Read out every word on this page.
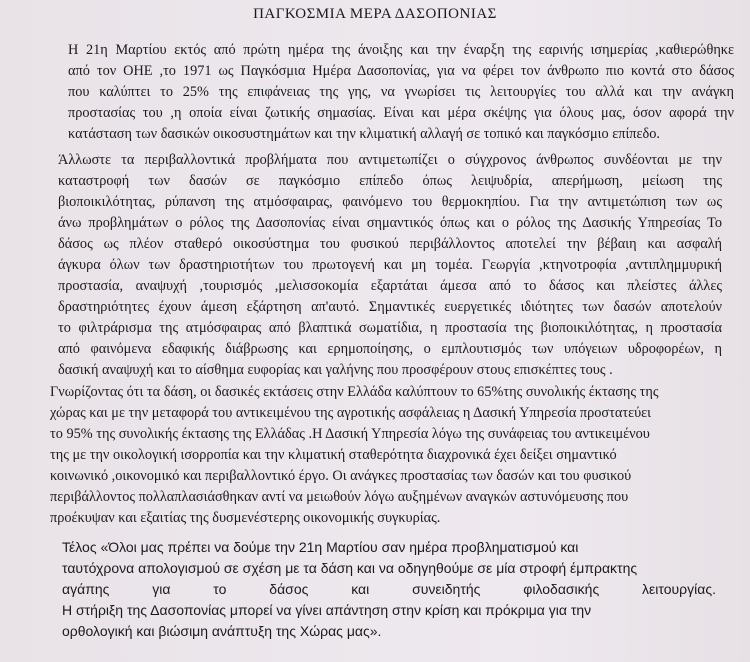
ΠΑΓΚΟΣΜΙΑ ΜΕΡΑ ΔΑΣΟΠΟΝΙΑΣ
Η 21η Μαρτίου εκτός από πρώτη ημέρα της άνοιξης και την έναρξη της εαρινής ισημερίας ,καθιερώθηκε
από τον ΟΗΕ ,το 1971 ως Παγκόσμια Ημέρα Δασοπονίας, για να φέρει τον άνθρωπο πιο κοντά στο δάσος
που καλύπτει το 25% της επιφάνειας της γης, να γνωρίσει τις λειτουργίες του αλλά και την ανάγκη
προστασίας του ,η οποία είναι ζωτικής σημασίας. Είναι και μέρα σκέψης για όλους μας, όσον αφορά την
κατάσταση των δασικών οικοσυστημάτων και την κλιματική αλλαγή σε τοπικό και παγκόσμιο επίπεδο.
Άλλωστε τα περιβαλλοντικά προβλήματα που αντιμετωπίζει ο σύγχρονος άνθρωπος συνδέονται με την
καταστροφή των δασών σε παγκόσμιο επίπεδο όπως λειψυδρία, απερήμωση, μείωση της
βιοποικιλότητας, ρύπανση της ατμόσφαιρας, φαινόμενο του θερμοκηπίου. Για την αντιμετώπιση των ως
άνω προβλημάτων ο ρόλος της Δασοπονίας είναι σημαντικός όπως και ο ρόλος της Δασικής Υπηρεσίας Το
δάσος ως πλέον σταθερό οικοσύστημα του φυσικού περιβάλλοντος αποτελεί την βέβαιη και ασφαλή
άγκυρα όλων των δραστηριοτήτων του πρωτογενή και μη τομέα. Γεωργία ,κτηνοτροφία ,αντιπλημμυρική
προστασία, αναψυχή ,τουρισμός ,μελισσοκομία εξαρτάται άμεσα από το δάσος και πλείστες άλλες
δραστηριότητες έχουν άμεση εξάρτηση απ'αυτό. Σημαντικές ευεργετικές ιδιότητες των δασών αποτελούν
το φιλτράρισμα της ατμόσφαιρας από βλαπτικά σωματίδια, η προστασία της βιοποικιλότητας, η προστασία
από φαινόμενα εδαφικής διάβρωσης και ερημοποίησης, ο εμπλουτισμός των υπόγειων υδροφορέων, η
δασική αναψυχή και το αίσθημα ευφορίας και γαλήνης που προσφέρουν στους επισκέπτες τους .
Γνωρίζοντας ότι τα δάση, οι δασικές εκτάσεις στην Ελλάδα καλύπτουν το 65%της συνολικής έκτασης της
χώρας και με την μεταφορά του αντικειμένου της αγροτικής ασφάλειας η Δασική Υπηρεσία προστατεύει
το 95% της συνολικής έκτασης της Ελλάδας .Η Δασική Υπηρεσία λόγω της συνάφειας του αντικειμένου
της με την οικολογική ισορροπία και την κλιματική σταθερότητα διαχρονικά έχει δείξει σημαντικό
κοινωνικό ,οικονομικό και περιβαλλοντικό έργο. Οι ανάγκες προστασίας των δασών και του φυσικού
περιβάλλοντος πολλαπλασιάσθηκαν αντί να μειωθούν λόγω αυξημένων αναγκών αστυνόμευσης που
προέκυψαν και εξαιτίας της δυσμενέστερης οικονομικής συγκυρίας.
Τέλος «Όλοι μας πρέπει να δούμε την 21η Μαρτίου σαν ημέρα προβληματισμού και
ταυτόχρονα απολογισμού σε σχέση με τα δάση και να οδηγηθούμε σε μία στροφή έμπρακτης
αγάπης για το δάσος και συνειδητής φιλοδασικής λειτουργίας.
Η στήριξη της Δασοπονίας μπορεί να γίνει απάντηση στην κρίση και πρόκριμα για την
ορθολογική και βιώσιμη ανάπτυξη της Χώρας μας».
